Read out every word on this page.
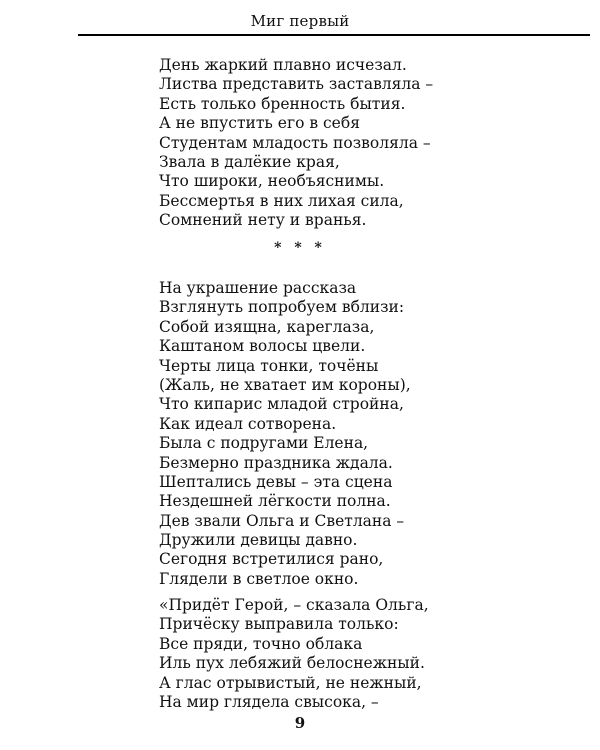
Миг первый
День жаркий плавно исчезал.
Листва представить заставляла –
Есть только бренность бытия.
А не впустить его в себя
Студентам младость позволяла –
Звала в далёкие края,
Что широки, необъяснимы.
Бессмертья в них лихая сила,
Сомнений нету и вранья.
* * *
На украшение рассказа
Взглянуть попробуем вблизи:
Собой изящна, кареглаза,
Каштаном волосы цвели.
Черты лица тонки, точёны
(Жаль, не хватает им короны),
Что кипарис младой стройна,
Как идеал сотворена.
Была с подругами Елена,
Безмерно праздника ждала.
Шептались девы – эта сцена
Нездешней лёгкости полна.
Дев звали Ольга и Светлана –
Дружили девицы давно.
Сегодня встретилися рано,
Глядели в светлое окно.
«Придёт Герой, – сказала Ольга,
Причёску выправила только:
Все пряди, точно облака
Иль пух лебяжий белоснежный.
А глас отрывистый, не нежный,
На мир глядела свысока, –
9
